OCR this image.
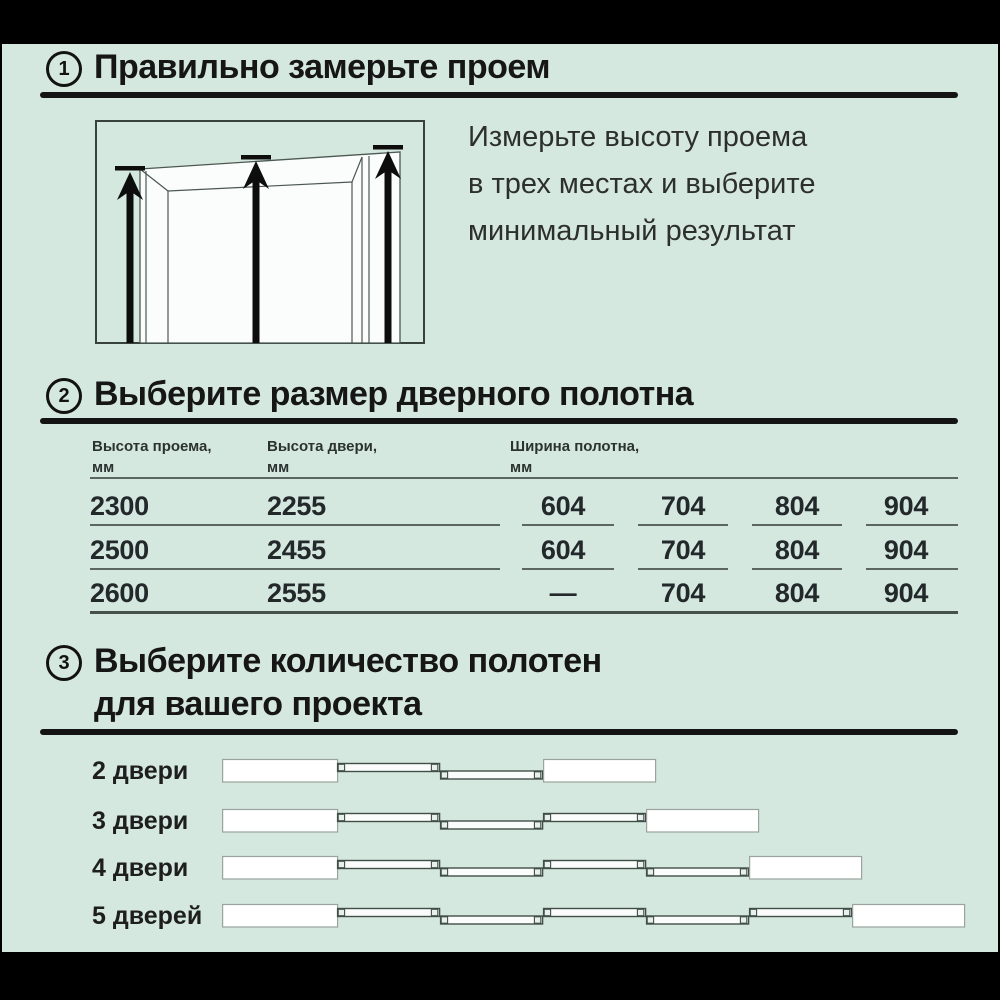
1 Правильно замерьте проем
Измерьте высоту проема
в трех местах и выберите
минимальный результат
2 Выберите размер дверного полотна
Высота проема,
мм
Высота двери,
мм
Ширина полотна,
мм
2300	2255	604	704	804	904
2500	2455	604	704	804	904
2600	2555	—	704	804	904
3 Выберите количество полотен
для вашего проекта
2 двери
3 двери
4 двери
5 дверей
